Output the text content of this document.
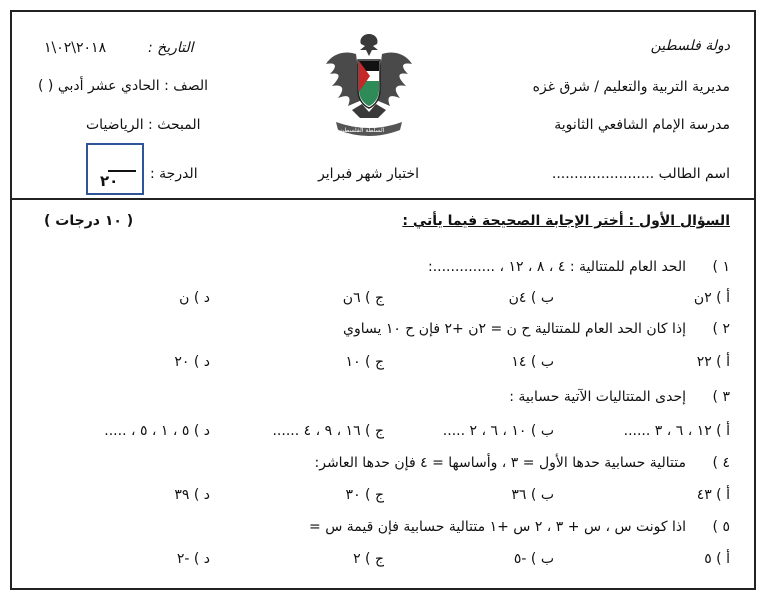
دولة فلسطين
مديرية التربية والتعليم / شرق غزه
مدرسة الإمام الشافعي الثانوية
اسم الطالب .......................
السلطة الفلسطينية
اختبار شهر فبراير
التاريخ :
٢٠١٨\٠٢\١
الصف : الحادي عشر أدبي ( )
المبحث : الرياضيات
الدرجة :
٢٠
السؤال الأول : أختر الإجابة الصحيحة فيما يأتي :
( ١٠ درجات )
١ )
الحد العام للمتتالية : ٤ ، ٨ ، ١٢ ، ..............:
أ ) ٢ن
ب ) ٤ن
ج ) ٦ن
د ) ن
٢ )
إذا كان الحد العام للمتتالية ح ن = ٢ن +٢ فإن ح ١٠ يساوي
أ ) ٢٢
ب ) ١٤
ج ) ١٠
د ) ٢٠
٣ )
إحدى المتتاليات الآتية حسابية :
أ ) ١٢ ، ٦ ، ٣ ......
ب ) ١٠ ، ٦ ، ٢ .....
ج ) ١٦ ، ٩ ، ٤ ......
د ) ٥ ، ١ ، ٥ ، .....
٤ )
متتالية حسابية حدها الأول = ٣ ، وأساسها = ٤ فإن حدها العاشر:
أ ) ٤٣
ب ) ٣٦
ج ) ٣٠
د ) ٣٩
٥ )
اذا كونت س ، س + ٣ ، ٢ س +١ متتالية حسابية فإن قيمة س =
أ ) ٥
ب ) -٥
ج ) ٢
د ) -٢
